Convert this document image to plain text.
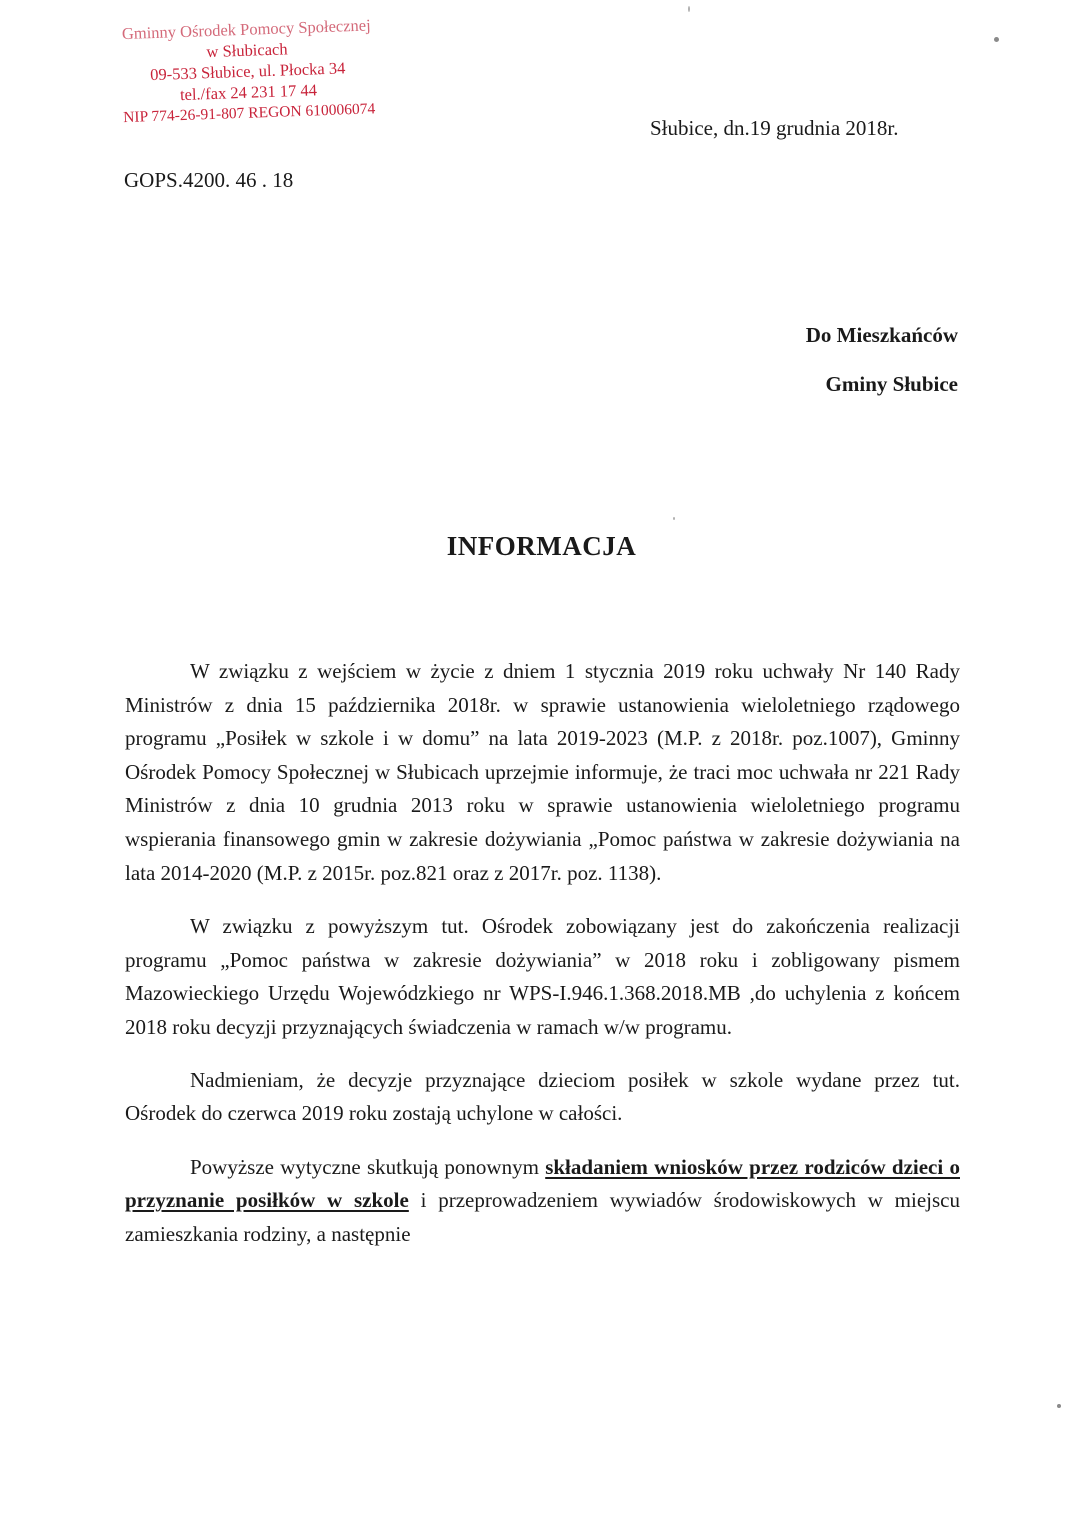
Gminny Ośrodek Pomocy Społecznej
w Słubicach
09-533 Słubice, ul. Płocka 34
tel./fax 24 231 17 44
NIP 774-26-91-807 REGON 610006074
Słubice, dn.19 grudnia 2018r.
GOPS.4200. 46 . 18
Do Mieszkańców
Gminy Słubice
INFORMACJA

W związku z wejściem w życie z dniem 1 stycznia 2019 roku uchwały Nr 140 Rady Ministrów z dnia 15 października 2018r. w sprawie ustanowienia wieloletniego rządowego programu „Posiłek w szkole i w domu” na lata 2019-2023 (M.P. z 2018r. poz.1007), Gminny Ośrodek Pomocy Społecznej w Słubicach uprzejmie informuje, że traci moc uchwała nr 221 Rady Ministrów z dnia 10 grudnia 2013 roku w sprawie ustanowienia wieloletniego programu wspierania finansowego gmin w zakresie dożywiania „Pomoc państwa w zakresie dożywiania na lata 2014-2020 (M.P. z 2015r. poz.821 oraz z 2017r. poz. 1138).

W związku z powyższym tut. Ośrodek zobowiązany jest do zakończenia realizacji programu „Pomoc państwa w zakresie dożywiania” w 2018 roku i zobligowany pismem Mazowieckiego Urzędu Wojewódzkiego nr WPS-I.946.1.368.2018.MB ,do uchylenia z końcem 2018 roku decyzji przyznających świadczenia w ramach w/w programu.

Nadmieniam, że decyzje przyznające dzieciom posiłek w szkole wydane przez tut. Ośrodek do czerwca 2019 roku zostają uchylone w całości.

Powyższe wytyczne skutkują ponownym składaniem wniosków przez rodziców dzieci o przyznanie posiłków w szkole i przeprowadzeniem wywiadów środowiskowych w miejscu zamieszkania rodziny, a następnie
